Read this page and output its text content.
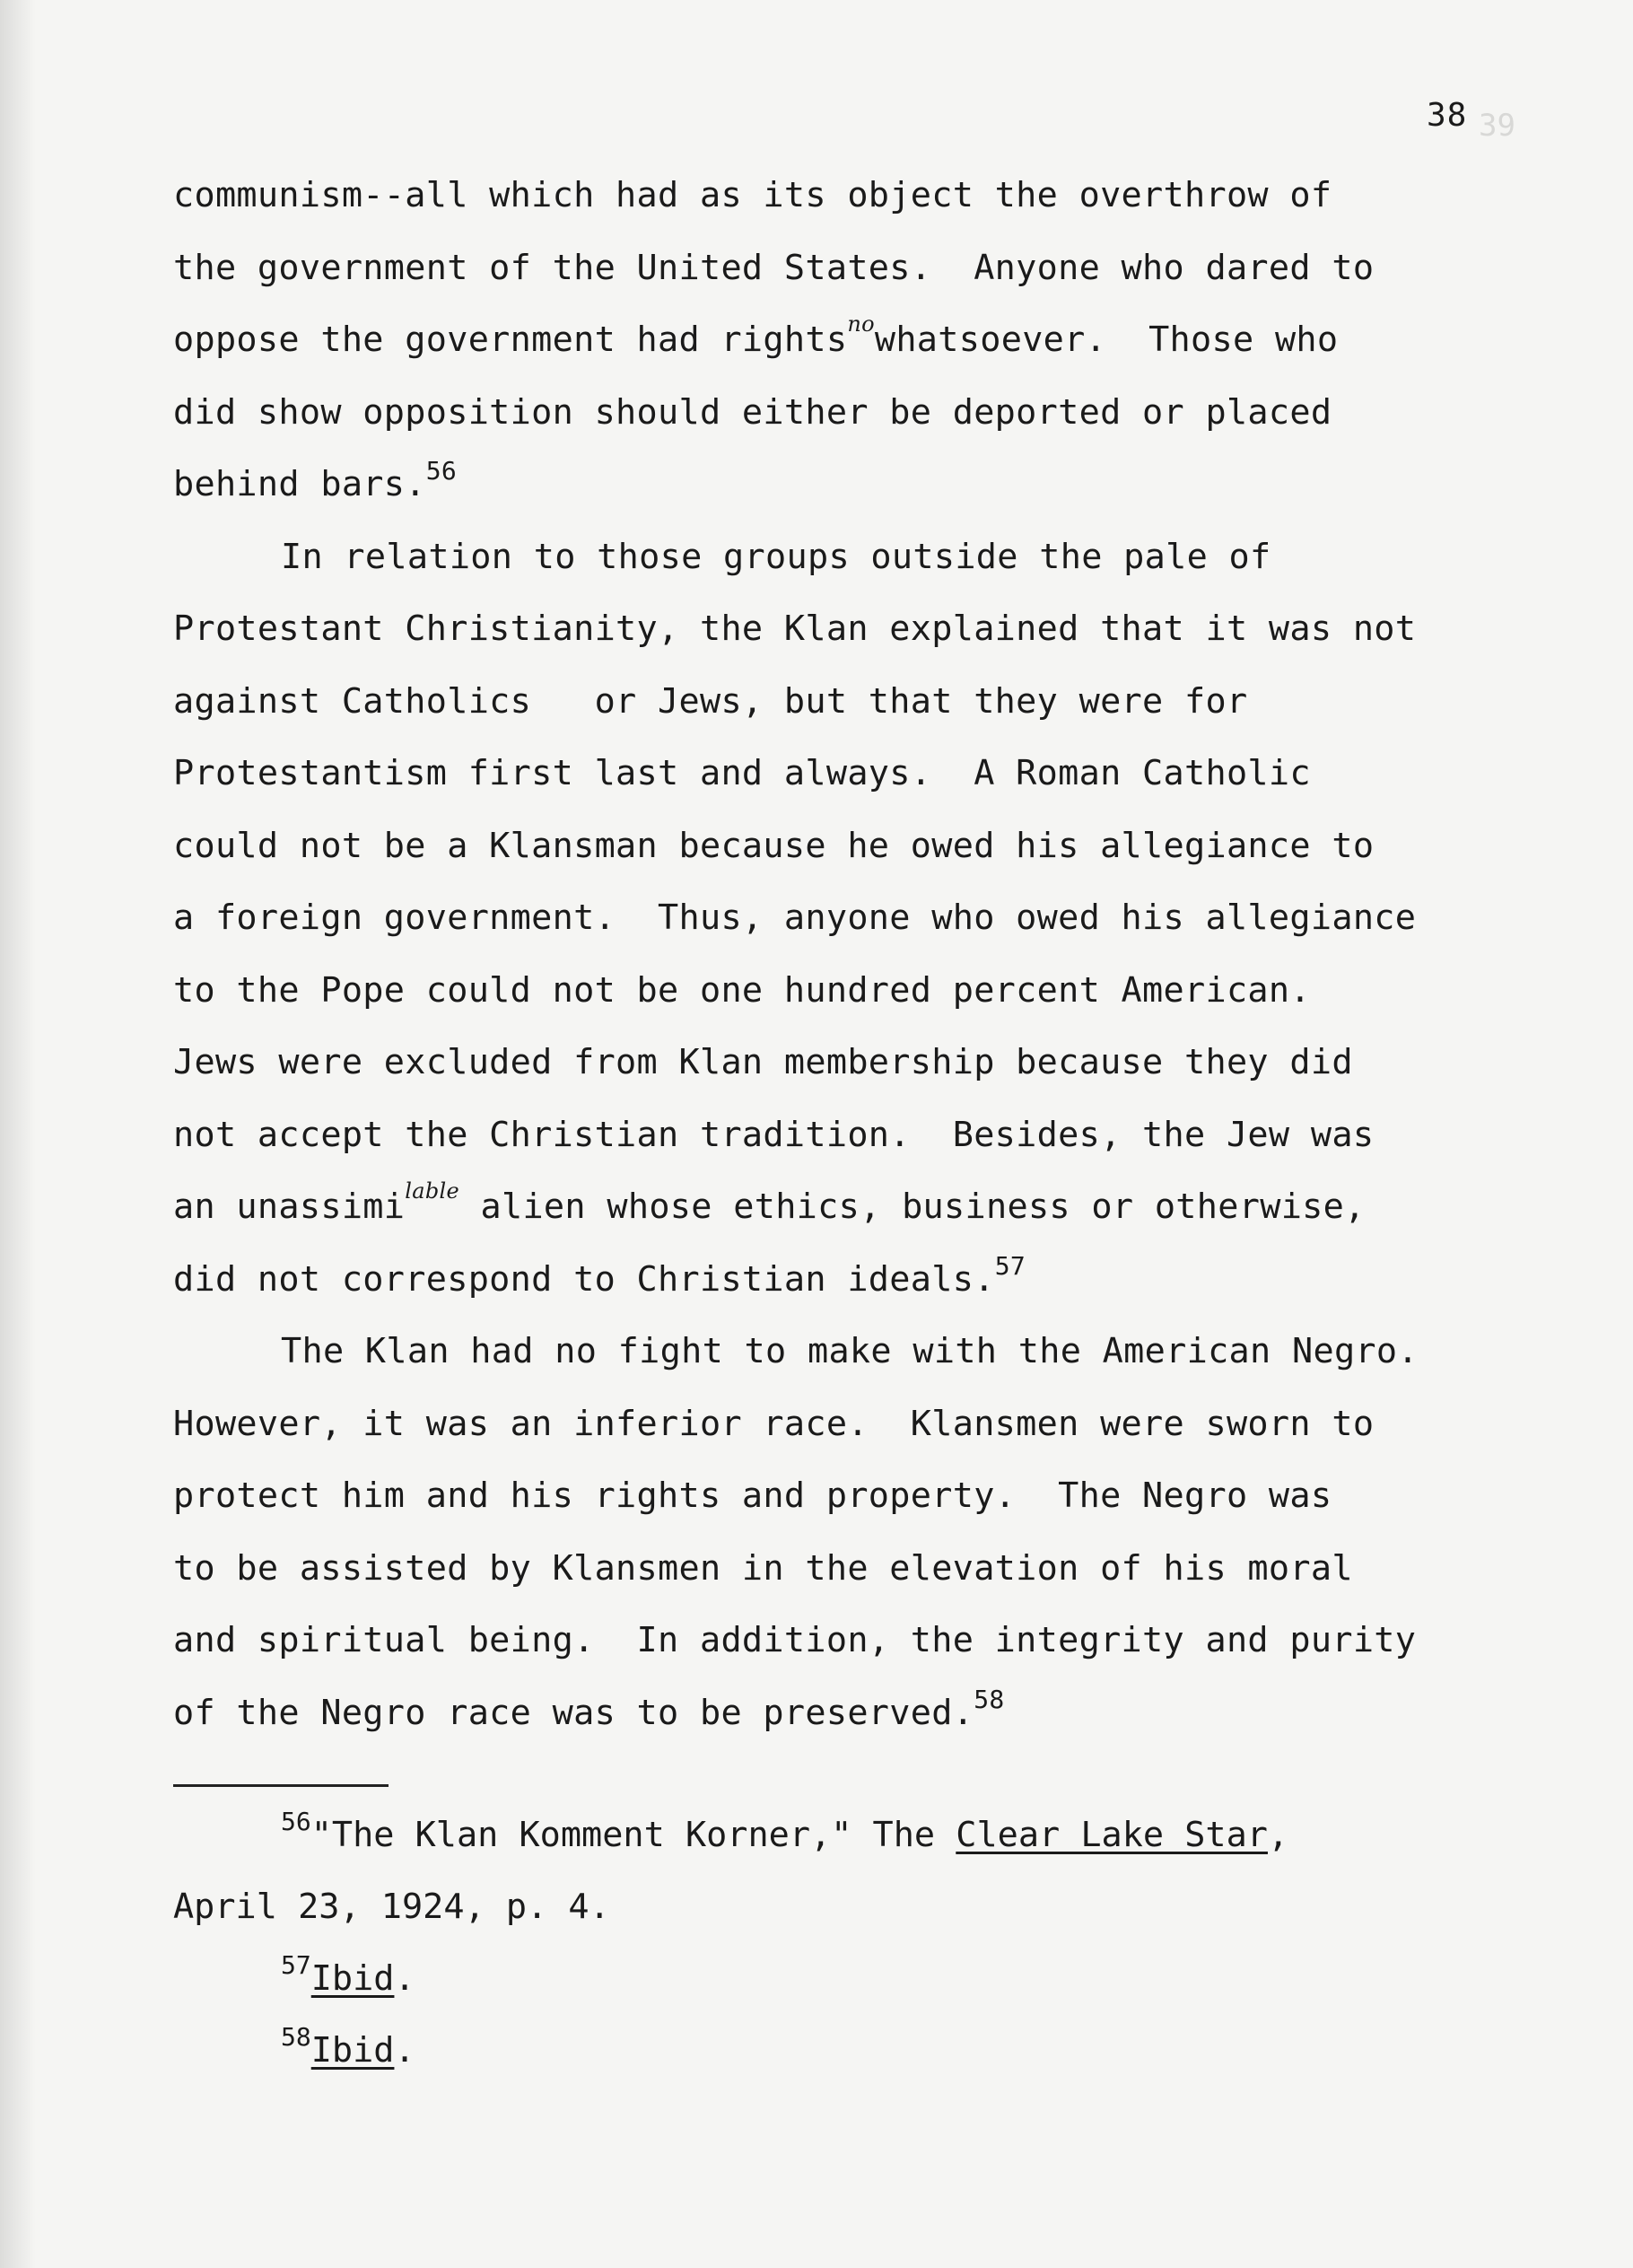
39
38
communism--all which had as its object the overthrow of
the government of the United States.  Anyone who dared to
oppose the government had rights$^{no}$whatsoever.  Those who
did show opposition should either be deported or placed
behind bars.$^{56}$
In relation to those groups outside the pale of
Protestant Christianity, the Klan explained that it was not
against Catholics   or Jews, but that they were for
Protestantism first last and always.  A Roman Catholic
could not be a Klansman because he owed his allegiance to
a foreign government.  Thus, anyone who owed his allegiance
to the Pope could not be one hundred percent American.
Jews were excluded from Klan membership because they did
not accept the Christian tradition.  Besides, the Jew was
an unassimi$^{lable}$ alien whose ethics, business or otherwise,
did not correspond to Christian ideals.$^{57}$
The Klan had no fight to make with the American Negro.
However, it was an inferior race.  Klansmen were sworn to
protect him and his rights and property.  The Negro was
to be assisted by Klansmen in the elevation of his moral
and spiritual being.  In addition, the integrity and purity
of the Negro race was to be preserved.$^{58}$
$^{56}$"The Klan Komment Korner," The Clear Lake Star,
April 23, 1924, p. 4.
$^{57}$Ibid.
$^{58}$Ibid.
